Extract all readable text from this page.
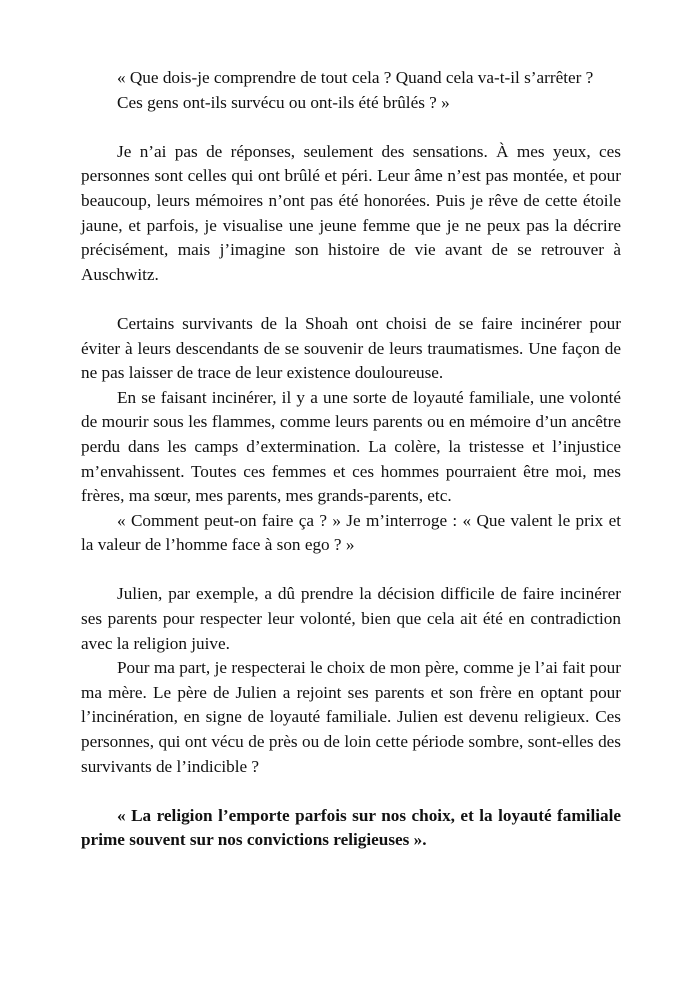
« Que dois-je comprendre de tout cela ? Quand cela va-t-il s’arrêter ?

Ces gens ont-ils survécu ou ont-ils été brûlés ? »

Je n’ai pas de réponses, seulement des sensations. À mes yeux, ces personnes sont celles qui ont brûlé et péri. Leur âme n’est pas montée, et pour beaucoup, leurs mémoires n’ont pas été honorées. Puis je rêve de cette étoile jaune, et parfois, je visualise une jeune femme que je ne peux pas la décrire précisément, mais j’imagine son histoire de vie avant de se retrouver à Auschwitz.

Certains survivants de la Shoah ont choisi de se faire incinérer pour éviter à leurs descendants de se souvenir de leurs traumatismes. Une façon de ne pas laisser de trace de leur existence douloureuse.

En se faisant incinérer, il y a une sorte de loyauté familiale, une volonté de mourir sous les flammes, comme leurs parents ou en mémoire d’un ancêtre perdu dans les camps d’extermination. La colère, la tristesse et l’injustice m’envahissent. Toutes ces femmes et ces hommes pourraient être moi, mes frères, ma sœur, mes parents, mes grands-parents, etc.

« Comment peut-on faire ça ? » Je m’interroge : « Que valent le prix et la valeur de l’homme face à son ego ? »

Julien, par exemple, a dû prendre la décision difficile de faire incinérer ses parents pour respecter leur volonté, bien que cela ait été en contradiction avec la religion juive.

Pour ma part, je respecterai le choix de mon père, comme je l’ai fait pour ma mère. Le père de Julien a rejoint ses parents et son frère en optant pour l’incinération, en signe de loyauté familiale. Julien est devenu religieux. Ces personnes, qui ont vécu de près ou de loin cette période sombre, sont-elles des survivants de l’indicible ?

« La religion l’emporte parfois sur nos choix, et la loyauté familiale prime souvent sur nos convictions religieuses ».
